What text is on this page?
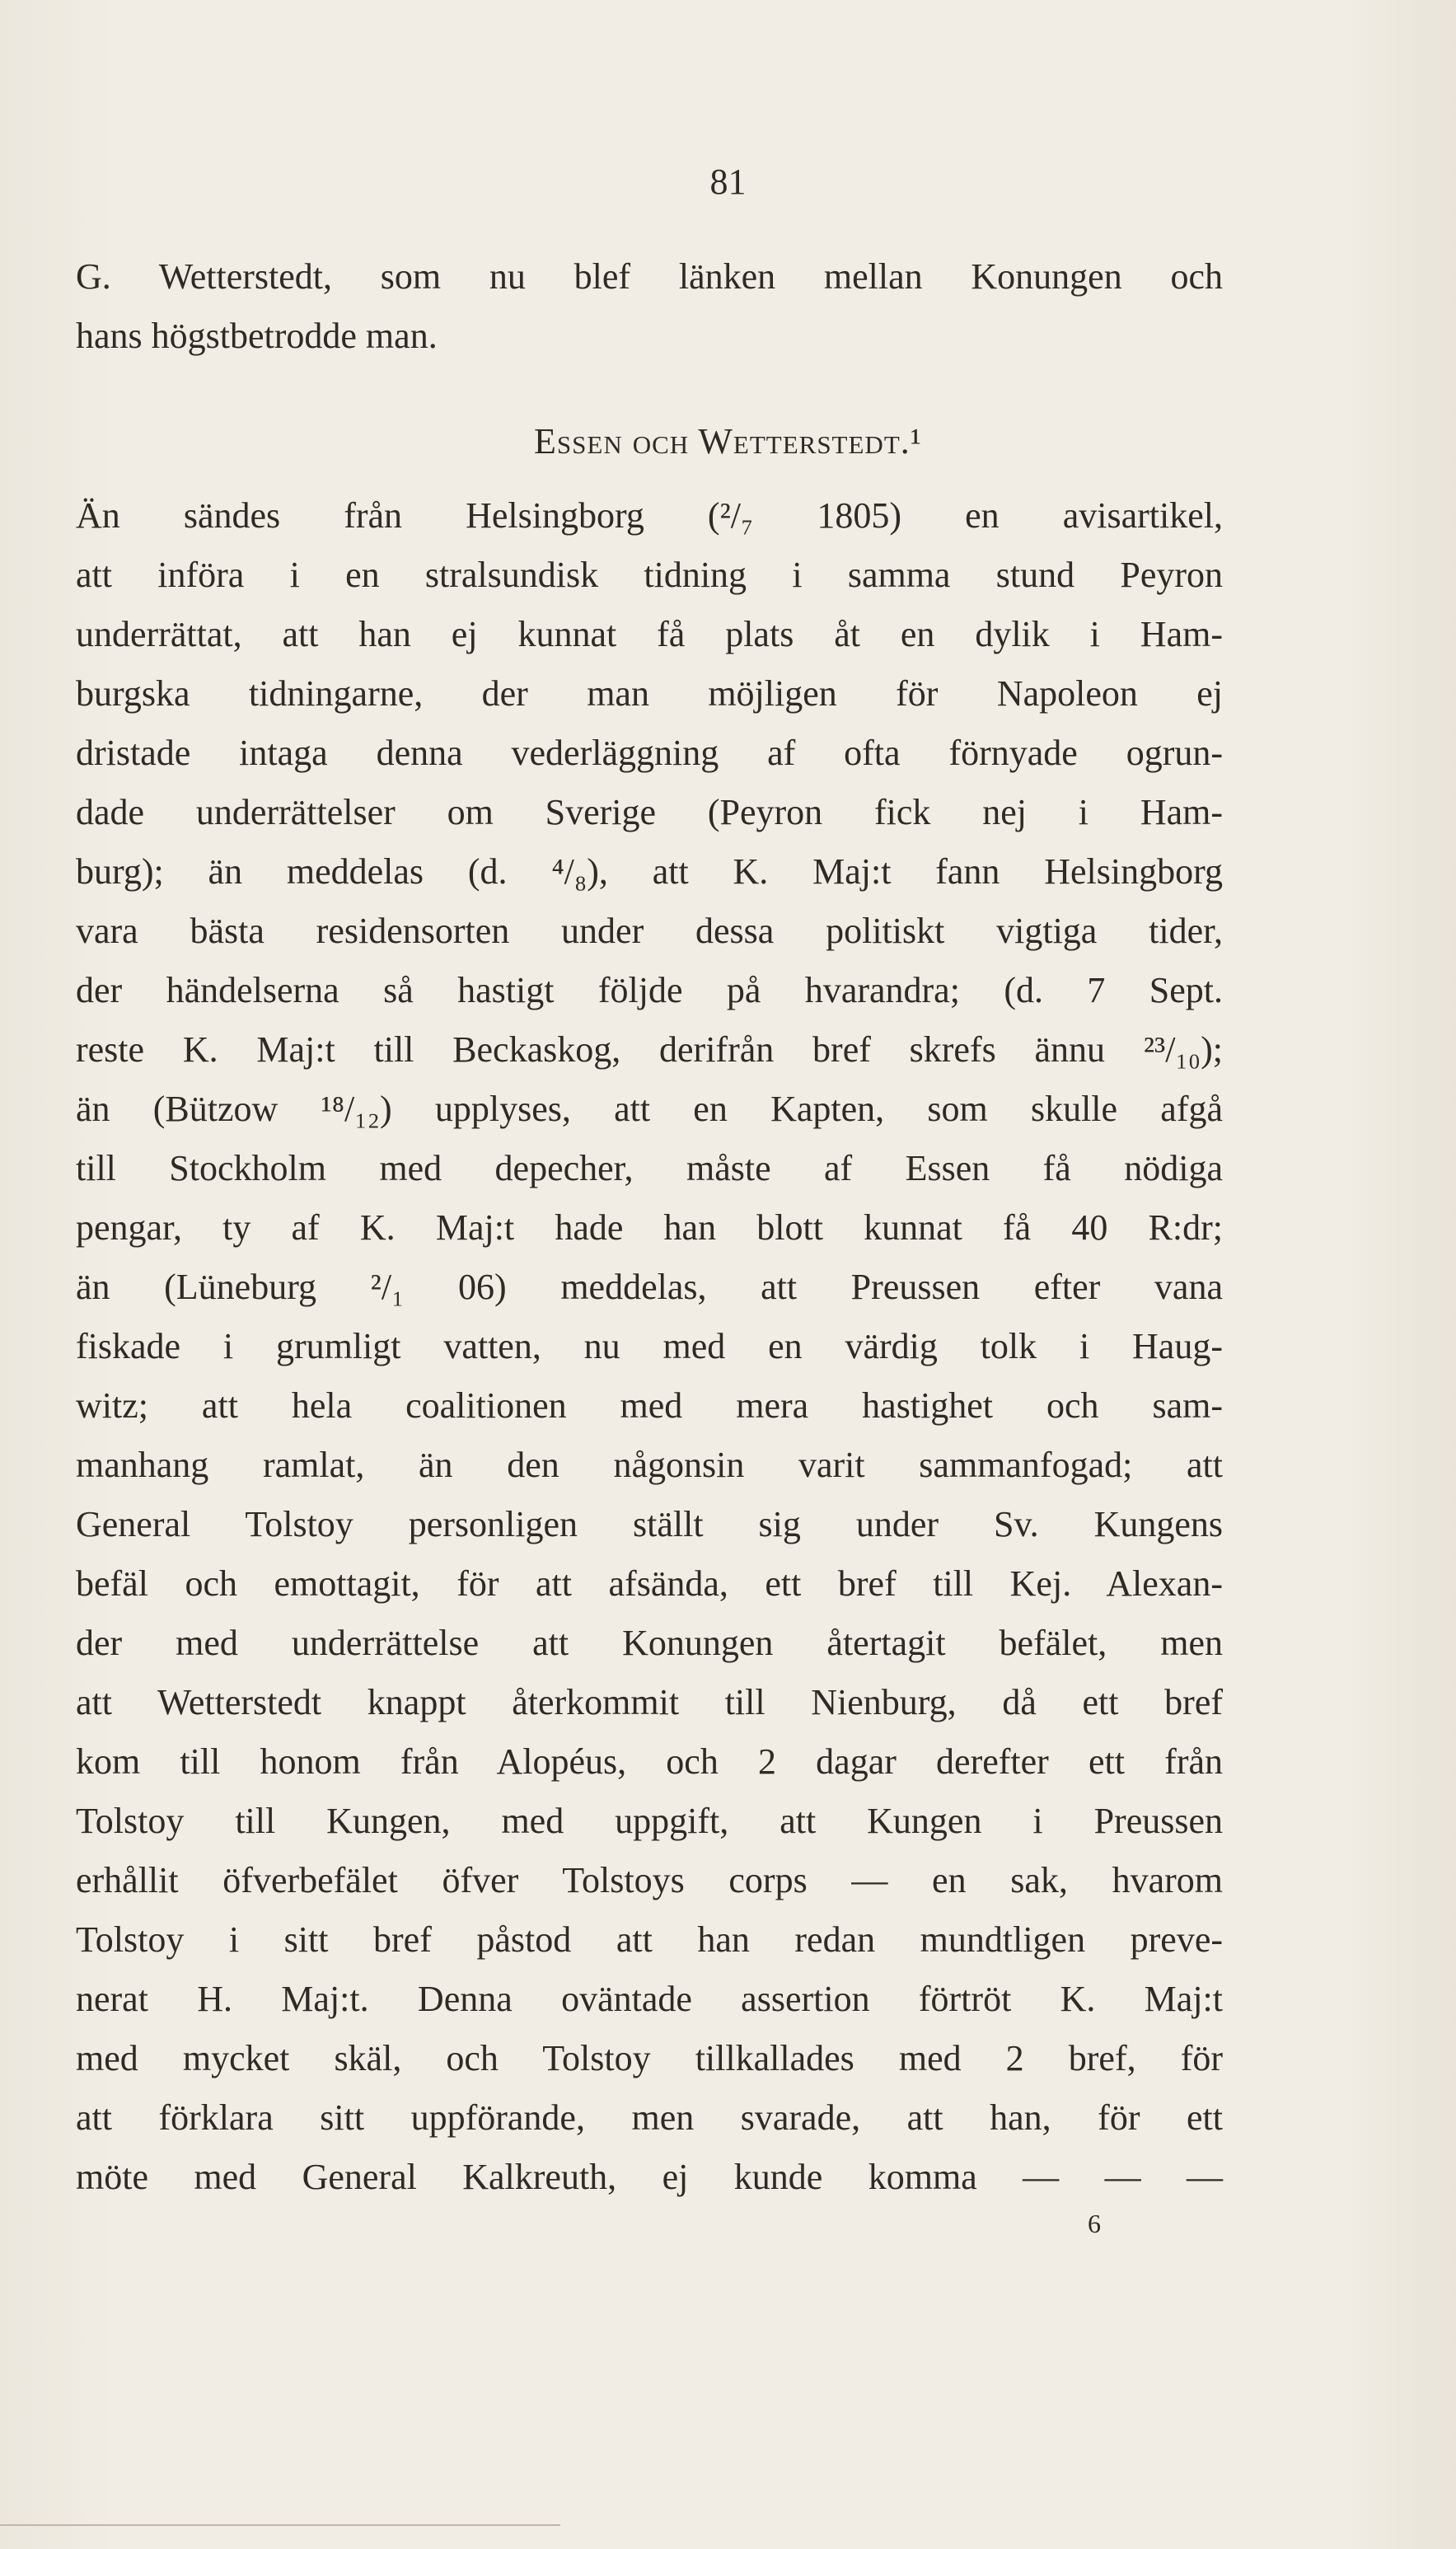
81
G. Wetterstedt, som nu blef länken mellan Konungen och
hans högstbetrodde man.
Essen och Wetterstedt.¹
Än sändes från Helsingborg (²/₇ 1805) en avisartikel,
att införa i en stralsundisk tidning i samma stund Peyron
underrättat, att han ej kunnat få plats åt en dylik i Ham-
burgska tidningarne, der man möjligen för Napoleon ej
dristade intaga denna vederläggning af ofta förnyade ogrun-
dade underrättelser om Sverige (Peyron fick nej i Ham-
burg); än meddelas (d. ⁴/₈), att K. Maj:t fann Helsingborg
vara bästa residensorten under dessa politiskt vigtiga tider,
der händelserna så hastigt följde på hvarandra; (d. 7 Sept.
reste K. Maj:t till Beckaskog, derifrån bref skrefs ännu ²³/₁₀);
än (Bützow ¹⁸/₁₂) upplyses, att en Kapten, som skulle afgå
till Stockholm med depecher, måste af Essen få nödiga
pengar, ty af K. Maj:t hade han blott kunnat få 40 R:dr;
än (Lüneburg ²/₁ 06) meddelas, att Preussen efter vana
fiskade i grumligt vatten, nu med en värdig tolk i Haug-
witz; att hela coalitionen med mera hastighet och sam-
manhang ramlat, än den någonsin varit sammanfogad; att
General Tolstoy personligen ställt sig under Sv. Kungens
befäl och emottagit, för att afsända, ett bref till Kej. Alexan-
der med underrättelse att Konungen återtagit befälet, men
att Wetterstedt knappt återkommit till Nienburg, då ett bref
kom till honom från Alopéus, och 2 dagar derefter ett från
Tolstoy till Kungen, med uppgift, att Kungen i Preussen
erhållit öfverbefälet öfver Tolstoys corps — en sak, hvarom
Tolstoy i sitt bref påstod att han redan mundtligen preve-
nerat H. Maj:t. Denna oväntade assertion förtröt K. Maj:t
med mycket skäl, och Tolstoy tillkallades med 2 bref, för
att förklara sitt uppförande, men svarade, att han, för ett
möte med General Kalkreuth, ej kunde komma — — —
6
